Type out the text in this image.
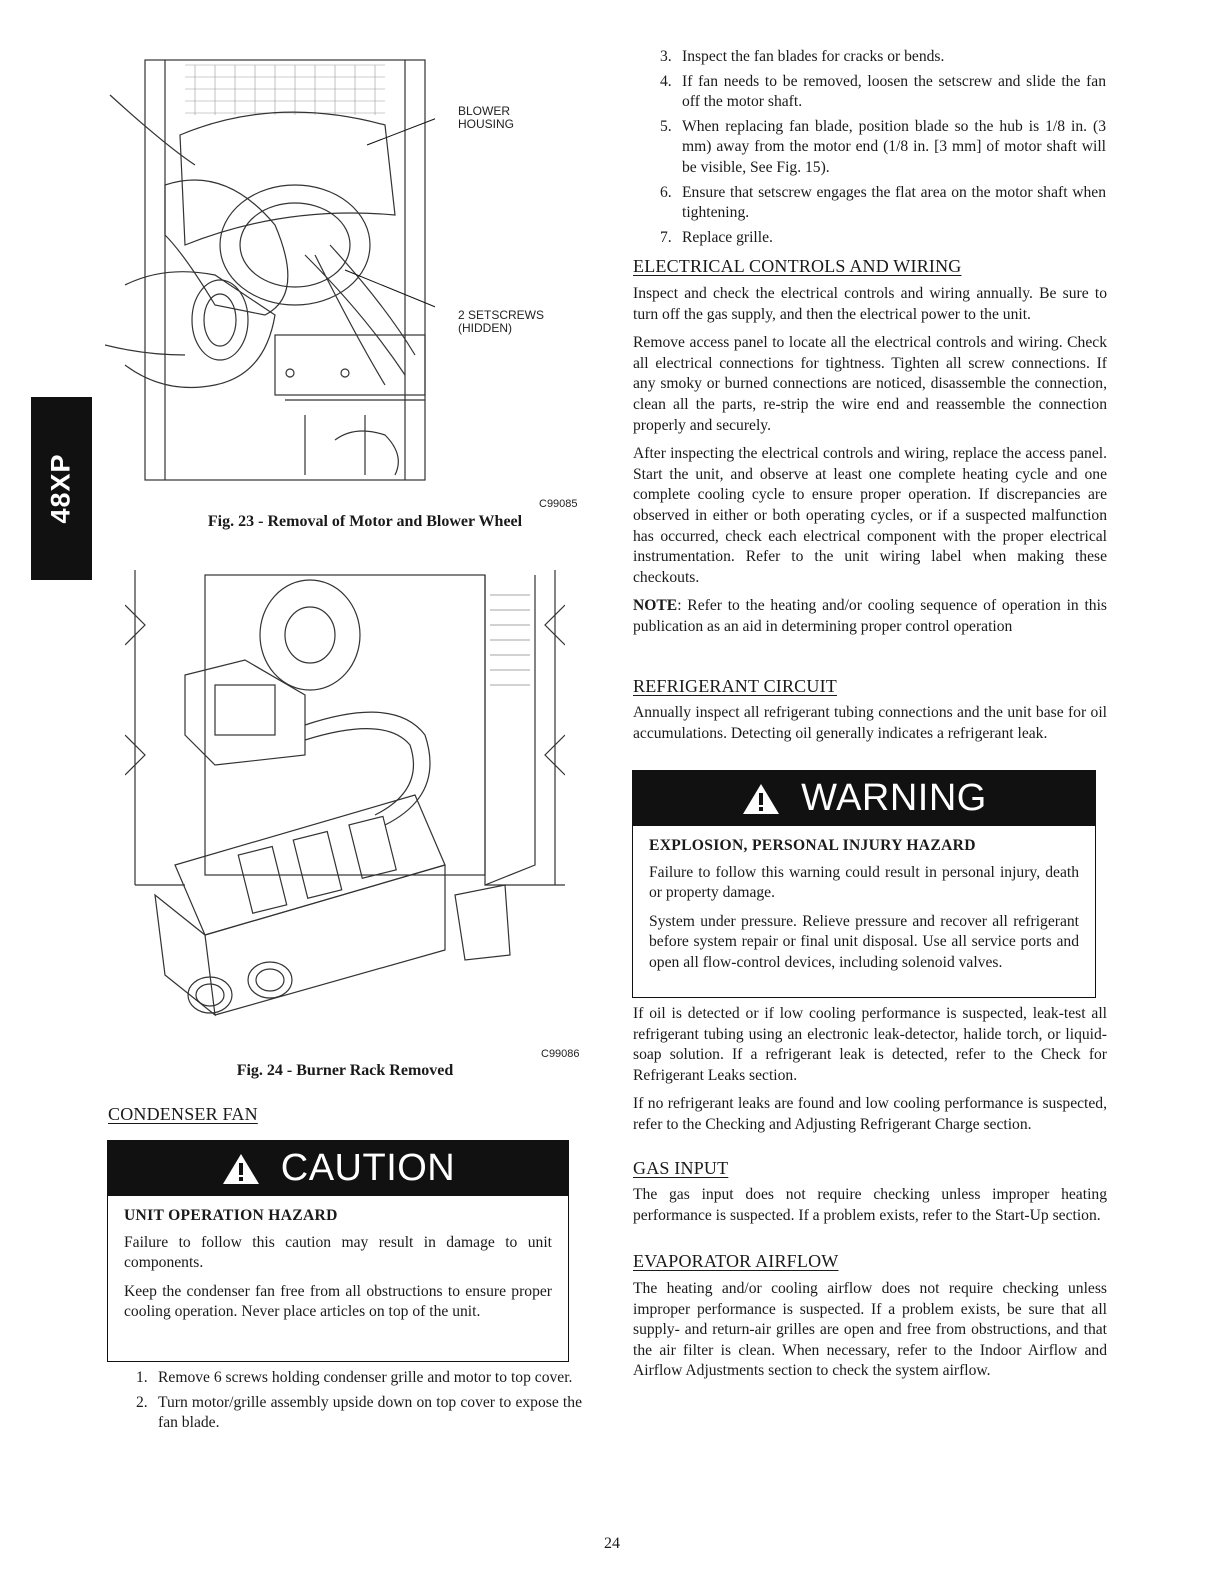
48XP
BLOWER
HOUSING
2 SETSCREWS
(HIDDEN)
C99085
Fig. 23 - Removal of Motor and Blower Wheel
C99086
Fig. 24 - Burner Rack Removed
CONDENSER FAN
CAUTION
UNIT OPERATION HAZARD

Failure to follow this caution may result in damage to unit components.

Keep the condenser fan free from all obstructions to ensure proper cooling operation. Never place articles on top of the unit.

1. Remove 6 screws holding condenser grille and motor to top cover.
2. Turn motor/grille assembly upside down on top cover to expose the fan blade.
3. Inspect the fan blades for cracks or bends.
4. If fan needs to be removed, loosen the setscrew and slide the fan off the motor shaft.
5. When replacing fan blade, position blade so the hub is 1/8 in. (3 mm) away from the motor end (1/8 in. [3 mm] of motor shaft will be visible, See Fig. 15).
6. Ensure that setscrew engages the flat area on the motor shaft when tightening.
7. Replace grille.
ELECTRICAL CONTROLS AND WIRING

Inspect and check the electrical controls and wiring annually. Be sure to turn off the gas supply, and then the electrical power to the unit.

Remove access panel to locate all the electrical controls and wiring. Check all electrical connections for tightness. Tighten all screw connections. If any smoky or burned connections are noticed, disassemble the connection, clean all the parts, re-strip the wire end and reassemble the connection properly and securely.

After inspecting the electrical controls and wiring, replace the access panel. Start the unit, and observe at least one complete heating cycle and one complete cooling cycle to ensure proper operation. If discrepancies are observed in either or both operating cycles, or if a suspected malfunction has occurred, check each electrical component with the proper electrical instrumentation. Refer to the unit wiring label when making these checkouts.

NOTE: Refer to the heating and/or cooling sequence of operation in this publication as an aid in determining proper control operation

REFRIGERANT CIRCUIT

Annually inspect all refrigerant tubing connections and the unit base for oil accumulations. Detecting oil generally indicates a refrigerant leak.

WARNING
EXPLOSION, PERSONAL INJURY HAZARD

Failure to follow this warning could result in personal injury, death or property damage.

System under pressure. Relieve pressure and recover all refrigerant before system repair or final unit disposal. Use all service ports and open all flow-control devices, including solenoid valves.

If oil is detected or if low cooling performance is suspected, leak-test all refrigerant tubing using an electronic leak-detector, halide torch, or liquid-soap solution. If a refrigerant leak is detected, refer to the Check for Refrigerant Leaks section.

If no refrigerant leaks are found and low cooling performance is suspected, refer to the Checking and Adjusting Refrigerant Charge section.

GAS INPUT

The gas input does not require checking unless improper heating performance is suspected. If a problem exists, refer to the Start-Up section.

EVAPORATOR AIRFLOW

The heating and/or cooling airflow does not require checking unless improper performance is suspected. If a problem exists, be sure that all supply- and return-air grilles are open and free from obstructions, and that the air filter is clean. When necessary, refer to the Indoor Airflow and Airflow Adjustments section to check the system airflow.

24
